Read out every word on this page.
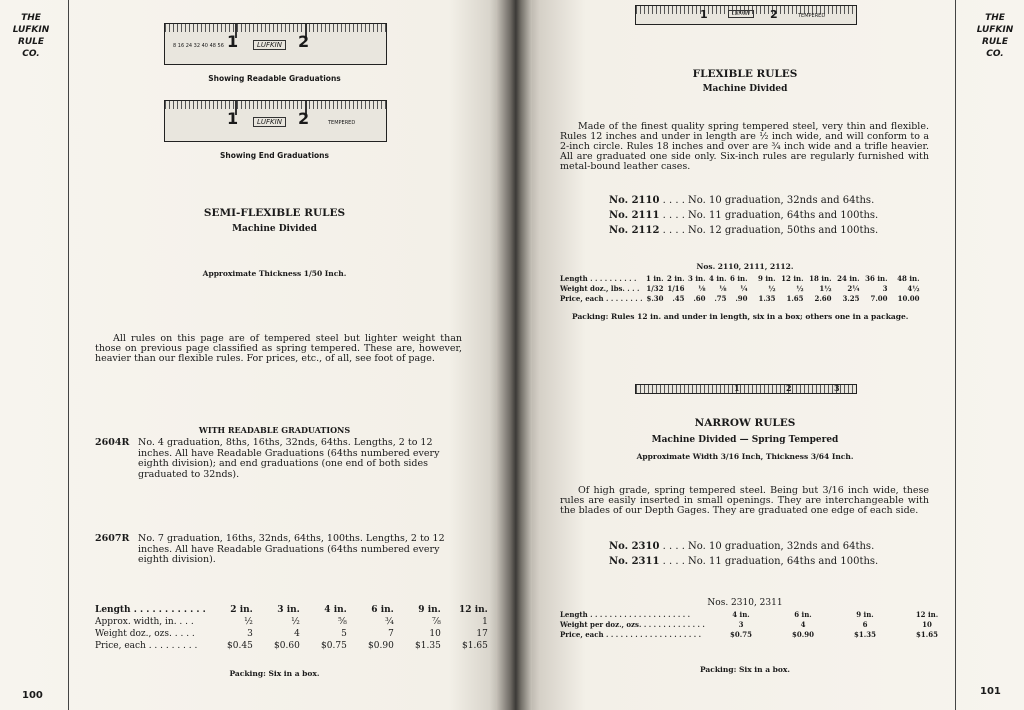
THE
LUFKIN
RULE
CO.
8 16 24 32 40 48 56 1	LUFKIN 2
Showing Readable Graduations
1	LUFKIN 2	TEMPERED
Showing End Graduations
SEMI-FLEXIBLE RULES
Machine Divided
Approximate Thickness 1/50 Inch.
All rules on this page are of tempered steel but lighter weight than those on previous page classified as spring tempered. These are, however, heavier than our flexible rules. For prices, etc., of all, see foot of page.
WITH READABLE GRADUATIONS
2604R No. 4 graduation, 8ths, 16ths, 32nds, 64ths. Lengths, 2 to 12 inches. All have Readable Graduations (64ths numbered every eighth division); and end graduations (one end of both sides graduated to 32nds).
2607R No. 7 graduation, 16ths, 32nds, 64ths, 100ths. Lengths, 2 to 12 inches. All have Readable Graduations (64ths numbered every eighth division).
Length . . . . . . . . . . . .	2 in.	3 in.	4 in.	6 in.	9 in.	12 in.
Approx. width, in. . . .	½	½	⅝	¾	⅞	1
Weight doz., ozs. . . . .	3	4	5	7	10	17
Price, each . . . . . . . . .	$0.45	$0.60	$0.75	$0.90	$1.35	$1.65
Packing: Six in a box.
100
THE
LUFKIN
RULE
CO.
1	LUFKIN	2	TEMPERED
FLEXIBLE RULES
Machine Divided
Made of the finest quality spring tempered steel, very thin and flexible. Rules 12 inches and under in length are ½ inch wide, and will conform to a 2-inch circle. Rules 18 inches and over are ¾ inch wide and a trifle heavier. All are graduated one side only. Six-inch rules are regularly furnished with metal-bound leather cases.
No. 2110 . . . . No. 10 graduation, 32nds and 64ths.
No. 2111 . . . . No. 11 graduation, 64ths and 100ths.
No. 2112 . . . . No. 12 graduation, 50ths and 100ths.
Nos. 2110, 2111, 2112.
Length . . . . . . . . . .	1 in.	2 in.	3 in.	4 in.	6 in.	9 in.	12 in.	18 in.	24 in.	36 in.	48 in.
Weight doz., lbs. . . .	1/32	1/16	⅛	⅛	¼	½	½	1½	2¼	3	4½
Price, each . . . . . . . .	$.30	.45	.60	.75	.90	1.35	1.65	2.60	3.25	7.00	10.00
Packing: Rules 12 in. and under in length, six in a box; others one in a package.
1	2	3
NARROW RULES
Machine Divided — Spring Tempered
Approximate Width 3/16 Inch, Thickness 3/64 Inch.
Of high grade, spring tempered steel. Being but 3/16 inch wide, these rules are easily inserted in small openings. They are interchangeable with the blades of our Depth Gages. They are graduated one edge of each side.
No. 2310 . . . . No. 10 graduation, 32nds and 64ths.
No. 2311 . . . . No. 11 graduation, 64ths and 100ths.
Nos. 2310, 2311
Length . . . . . . . . . . . . . . . . . . . . .	4 in.	6 in.	9 in.	12 in.
Weight per doz., ozs. . . . . . . . . . . . . .	3	4	6	10
Price, each . . . . . . . . . . . . . . . . . . . .	$0.75	$0.90	$1.35	$1.65
Packing: Six in a box.
101
